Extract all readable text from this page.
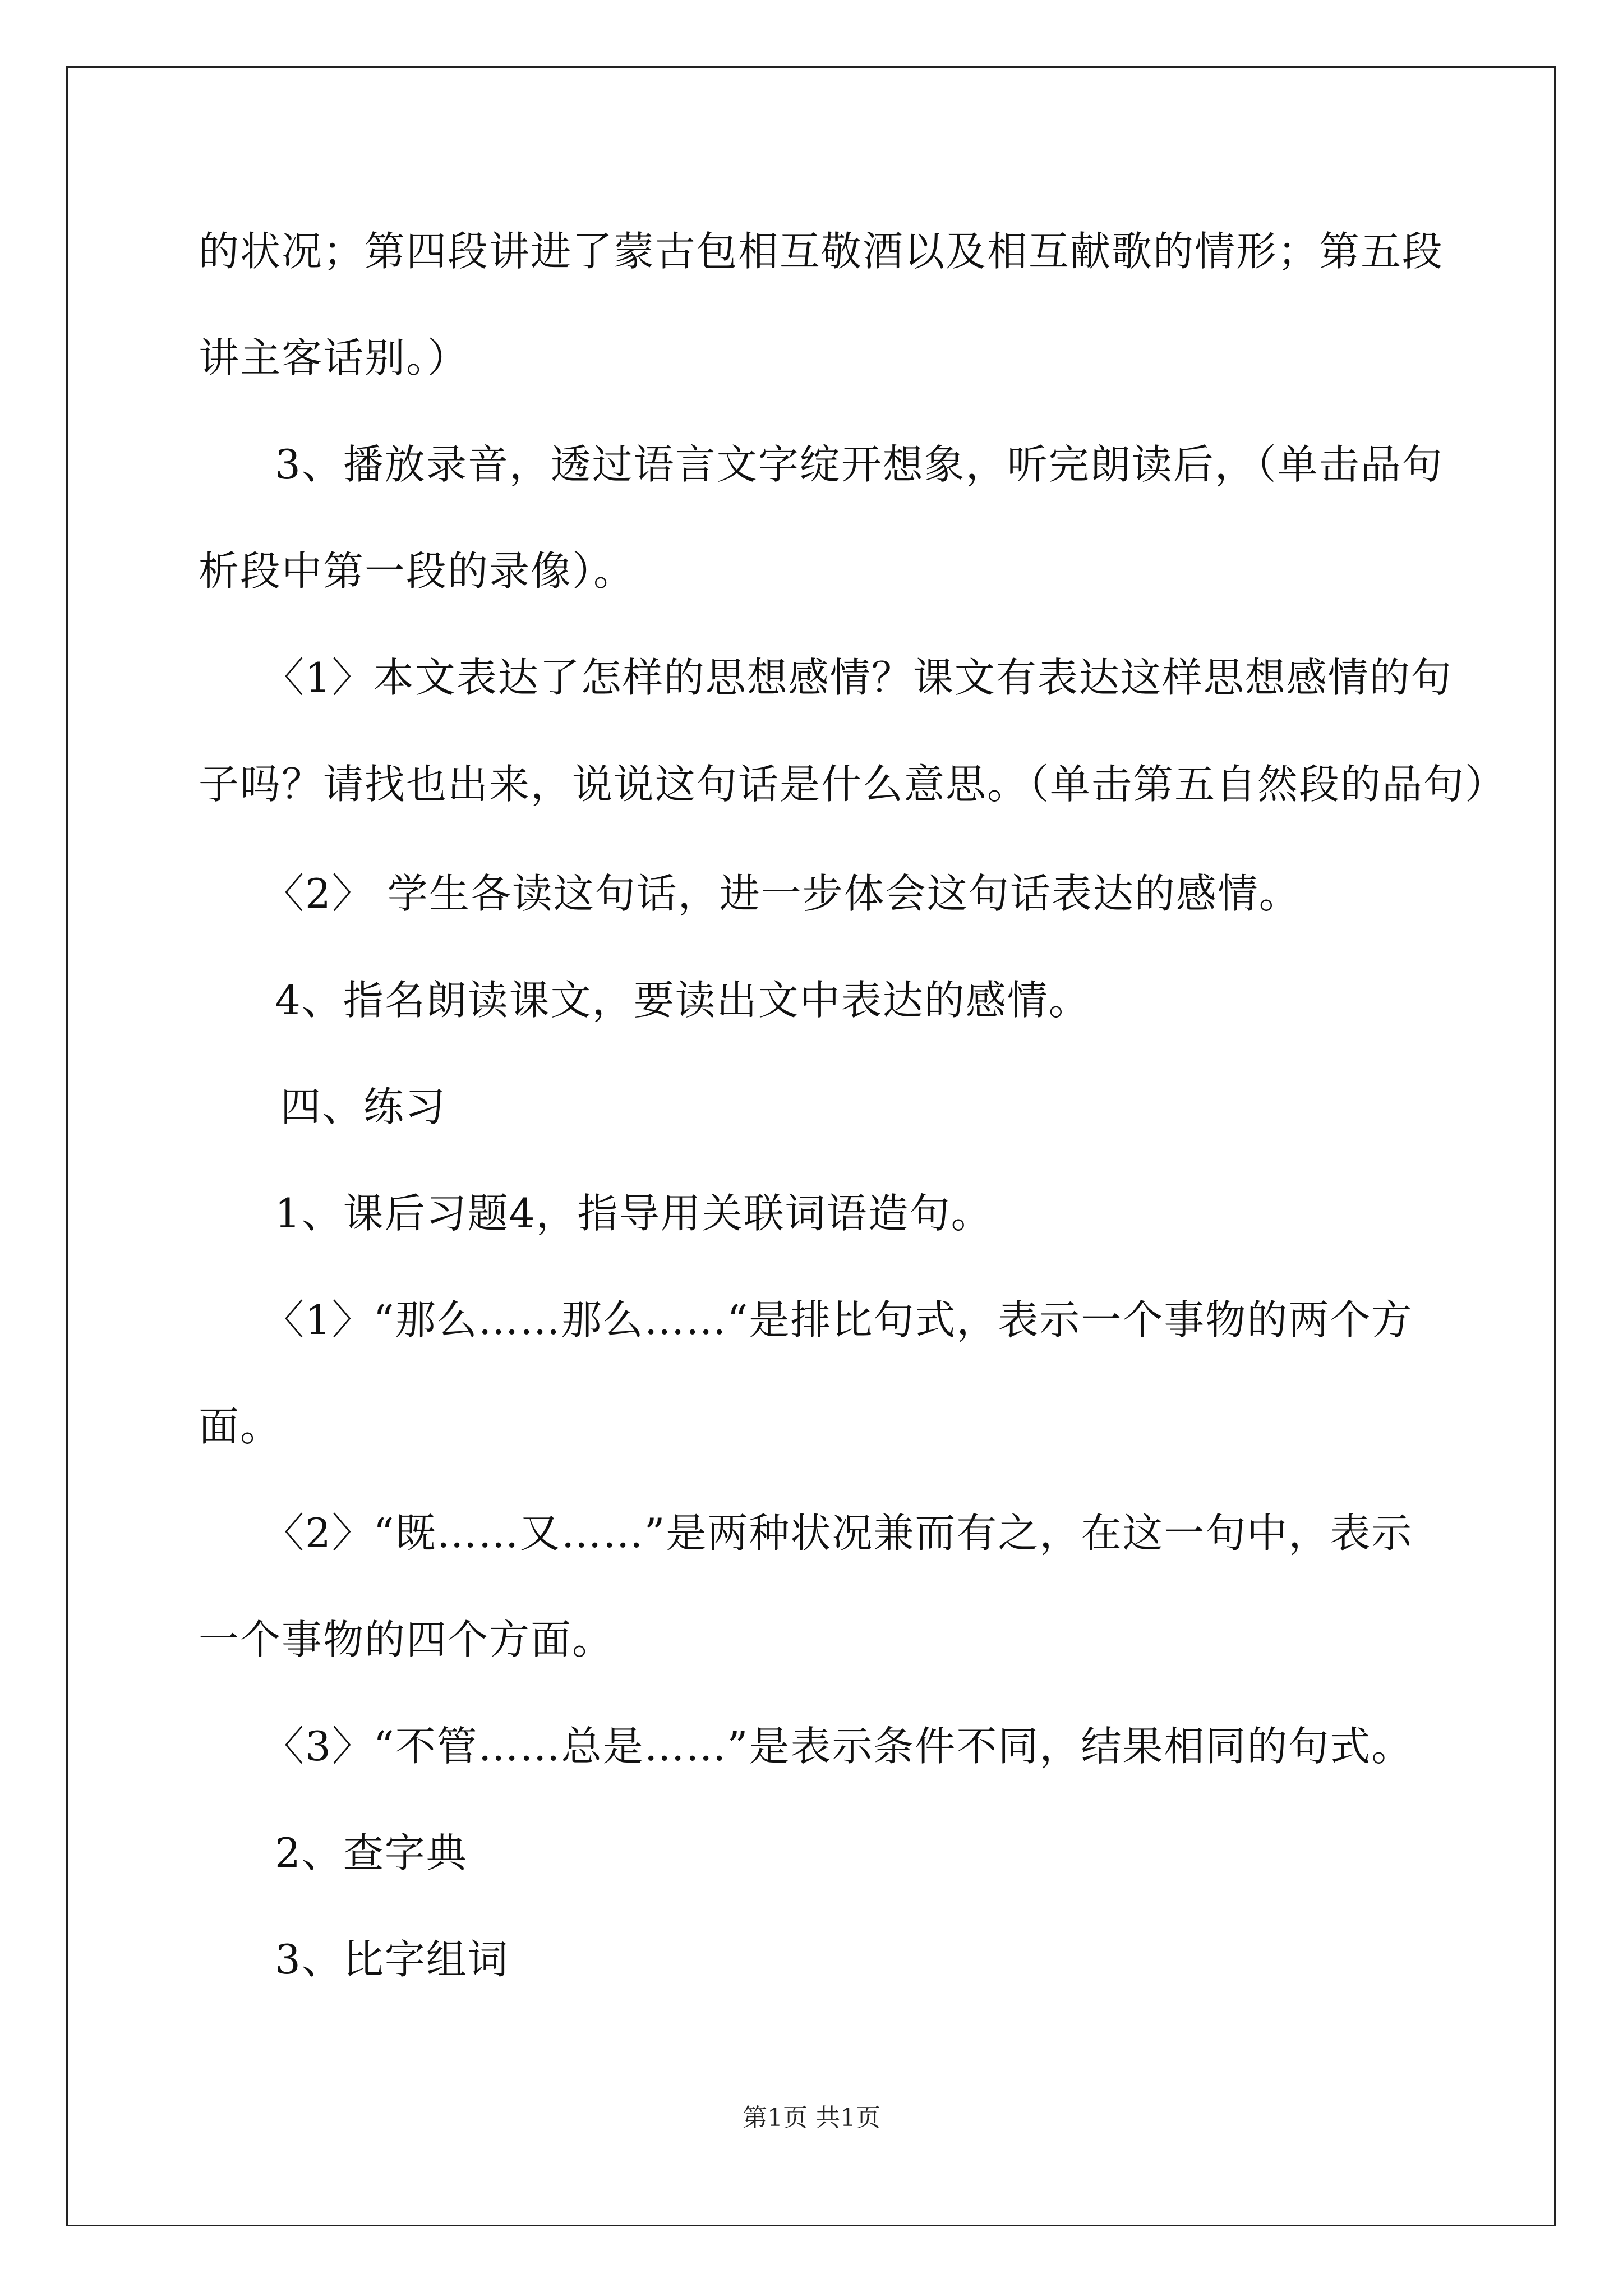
的状况；第四段讲进了蒙古包相互敬酒以及相互献歌的情形；第五段
讲主客话别。）
3、播放录音，透过语言文字绽开想象，听完朗读后，（单击品句
析段中第一段的录像）。
〈1〉本文表达了怎样的思想感情？课文有表达这样思想感情的句
子吗？请找也出来，说说这句话是什么意思。（单击第五自然段的品句）
〈2〉 学生各读这句话，进一步体会这句话表达的感情。
4、指名朗读课文，要读出文中表达的感情。
四、练习
1、课后习题4，指导用关联词语造句。
〈1〉“那么……那么……“是排比句式，表示一个事物的两个方
面。
〈2〉“既……又……”是两种状况兼而有之，在这一句中，表示
一个事物的四个方面。
〈3〉“不管……总是……”是表示条件不同，结果相同的句式。
2、查字典
3、比字组词
第1页 共1页
